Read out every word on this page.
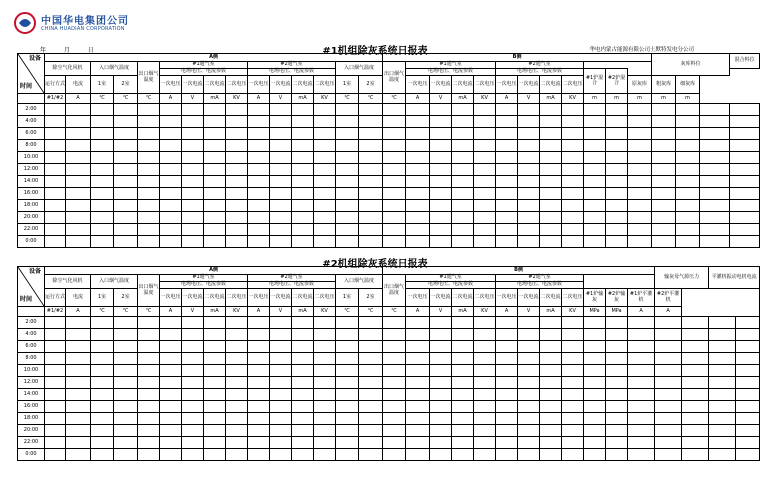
中国华电集团公司
CHINA HUADIAN CORPORATION
年	月	日	华电内蒙古能源有限公司土默特发电分公司
#1机组除灰系统日报表
设备
时间	A侧															B侧												灰库料位			混合料位
	除尘气化风机		入口烟气温度		出口烟气温度	#1通气室				#2通气室				入口烟气温度		出口烟气温度	#1通气室				#2通气室										
						电场电压、电流参数				电场电压、电流参数							电场电压、电流参数				电场电压、电流参数				#1炉混合	#2炉混合					
	运行方式	电流	1室	2室		一次电压	一次电流	二次电流	二次电压	一次电压	一次电流	二次电流	二次电压	1室	2室		一次电压	一次电流	二次电流	二次电压	一次电压	一次电流	二次电流	二次电压			原灰库	粗灰库	细灰库		
	#1/#2	A	℃	℃	℃	A	V	mA	KV	A	V	mA	KV	℃	℃	℃	A	V	mA	KV	A	V	mA	KV	m	m	m	m	m		
2:00																															
4:00																															
6:00																															
8:00																															
10:00																															
12:00																															
14:00																															
16:00																															
18:00																															
20:00																															
22:00																															
0:00																															
#2机组除灰系统日报表
设备
时间	A侧															B侧												输灰母气源压力		平灌机振动电机电流	
	除尘气化风机		入口烟气温度		出口烟气温度	#1通气室				#2通气室				入口烟气温度		出口烟气温度	#1通气室				#2通气室											
						电场电压、电流参数				电场电压、电流参数							电场电压、电流参数				电场电压、电流参数											
	运行方式	电流	1室	2室		一次电压	一次电流	二次电流	二次电压	一次电压	一次电流	二次电流	二次电压	1室	2室		一次电压	一次电流	二次电流	二次电压	一次电压	一次电流	二次电流	二次电压	#1炉输灰	#2炉输灰	#1炉平灌机	#2炉平灌机				
	#1/#2	A	℃	℃	℃	A	V	mA	KV	A	V	mA	KV	℃	℃	℃	A	V	mA	KV	A	V	mA	KV	MPa	MPa	A	A				
2:00																																
4:00																																
6:00																																
8:00																																
10:00																																
12:00																																
14:00																																
16:00																																
18:00																																
20:00																																
22:00																																
0:00																																
